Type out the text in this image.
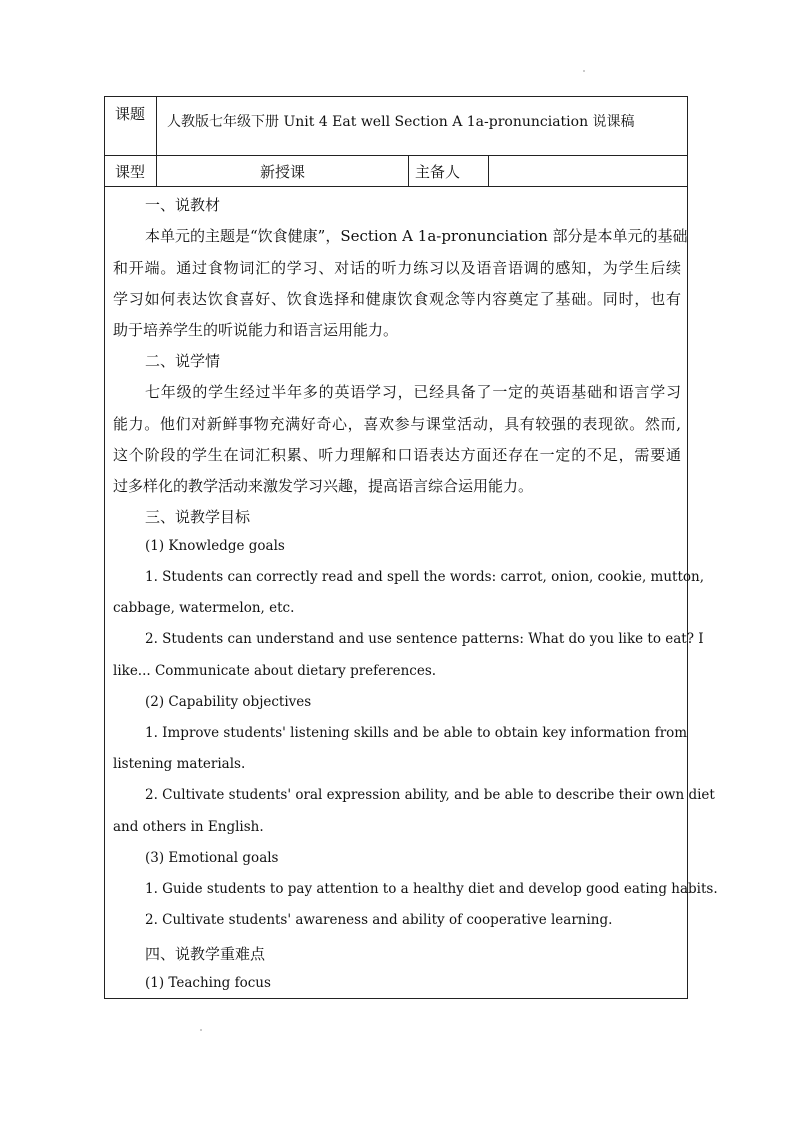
课题 人教版七年级下册 Unit 4 Eat well Section A 1a-pronunciation 说课稿
课型	新授课	主备人
一、说教材
本单元的主题是“饮食健康”，Section A 1a-pronunciation 部分是本单元的基础
和开端。通过食物词汇的学习、对话的听力练习以及语音语调的感知，为学生后续
学习如何表达饮食喜好、饮食选择和健康饮食观念等内容奠定了基础。同时，也有
助于培养学生的听说能力和语言运用能力。
二、说学情
七年级的学生经过半年多的英语学习，已经具备了一定的英语基础和语言学习
能力。他们对新鲜事物充满好奇心，喜欢参与课堂活动，具有较强的表现欲。然而,
这个阶段的学生在词汇积累、听力理解和口语表达方面还存在一定的不足，需要通
过多样化的教学活动来激发学习兴趣，提高语言综合运用能力。
三、说教学目标
(1) Knowledge goals
1. Students can correctly read and spell the words: carrot, onion, cookie, mutton,
cabbage, watermelon, etc.
2. Students can understand and use sentence patterns: What do you like to eat? I
like... Communicate about dietary preferences.
(2) Capability objectives
1. Improve students' listening skills and be able to obtain key information from
listening materials.
2. Cultivate students' oral expression ability, and be able to describe their own diet
and others in English.
(3) Emotional goals
1. Guide students to pay attention to a healthy diet and develop good eating habits.
2. Cultivate students' awareness and ability of cooperative learning.
四、说教学重难点
(1) Teaching focus
